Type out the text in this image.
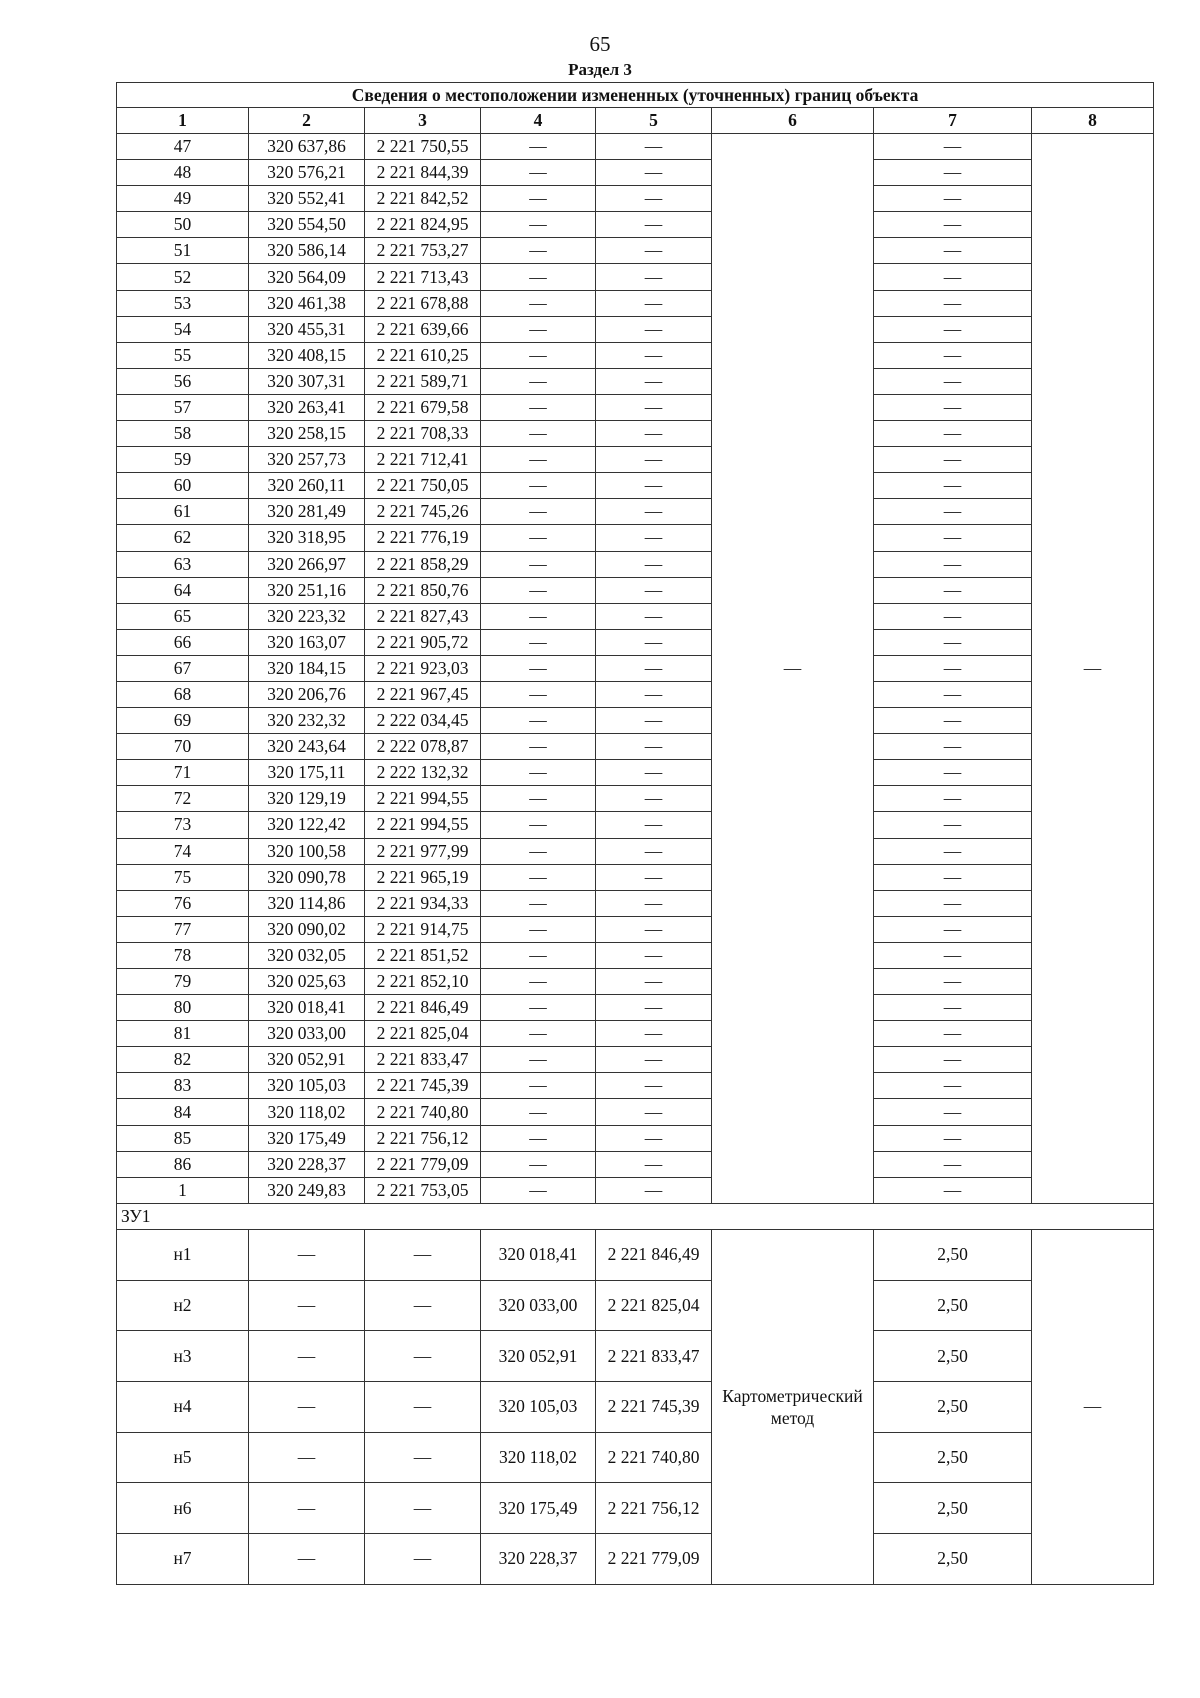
65
Раздел 3
Сведения о местоположении измененных (уточненных) границ объекта							
1	2	3	4	5	6	7	8
47	320 637,86	2 221 750,55	—	—	—	—	—
48	320 576,21	2 221 844,39	—	—		—	
49	320 552,41	2 221 842,52	—	—		—	
50	320 554,50	2 221 824,95	—	—		—	
51	320 586,14	2 221 753,27	—	—		—	
52	320 564,09	2 221 713,43	—	—		—	
53	320 461,38	2 221 678,88	—	—		—	
54	320 455,31	2 221 639,66	—	—		—	
55	320 408,15	2 221 610,25	—	—		—	
56	320 307,31	2 221 589,71	—	—		—	
57	320 263,41	2 221 679,58	—	—		—	
58	320 258,15	2 221 708,33	—	—		—	
59	320 257,73	2 221 712,41	—	—		—	
60	320 260,11	2 221 750,05	—	—		—	
61	320 281,49	2 221 745,26	—	—		—	
62	320 318,95	2 221 776,19	—	—		—	
63	320 266,97	2 221 858,29	—	—		—	
64	320 251,16	2 221 850,76	—	—		—	
65	320 223,32	2 221 827,43	—	—		—	
66	320 163,07	2 221 905,72	—	—		—	
67	320 184,15	2 221 923,03	—	—		—	
68	320 206,76	2 221 967,45	—	—		—	
69	320 232,32	2 222 034,45	—	—		—	
70	320 243,64	2 222 078,87	—	—		—	
71	320 175,11	2 222 132,32	—	—		—	
72	320 129,19	2 221 994,55	—	—		—	
73	320 122,42	2 221 994,55	—	—		—	
74	320 100,58	2 221 977,99	—	—		—	
75	320 090,78	2 221 965,19	—	—		—	
76	320 114,86	2 221 934,33	—	—		—	
77	320 090,02	2 221 914,75	—	—		—	
78	320 032,05	2 221 851,52	—	—		—	
79	320 025,63	2 221 852,10	—	—		—	
80	320 018,41	2 221 846,49	—	—		—	
81	320 033,00	2 221 825,04	—	—		—	
82	320 052,91	2 221 833,47	—	—		—	
83	320 105,03	2 221 745,39	—	—		—	
84	320 118,02	2 221 740,80	—	—		—	
85	320 175,49	2 221 756,12	—	—		—	
86	320 228,37	2 221 779,09	—	—		—	
1	320 249,83	2 221 753,05	—	—		—	
ЗУ1							
н1	—	—	320 018,41	2 221 846,49	Картометрический метод	2,50	—
н2	—	—	320 033,00	2 221 825,04		2,50	
н3	—	—	320 052,91	2 221 833,47		2,50	
н4	—	—	320 105,03	2 221 745,39		2,50	
н5	—	—	320 118,02	2 221 740,80		2,50	
н6	—	—	320 175,49	2 221 756,12		2,50	
н7	—	—	320 228,37	2 221 779,09		2,50	
